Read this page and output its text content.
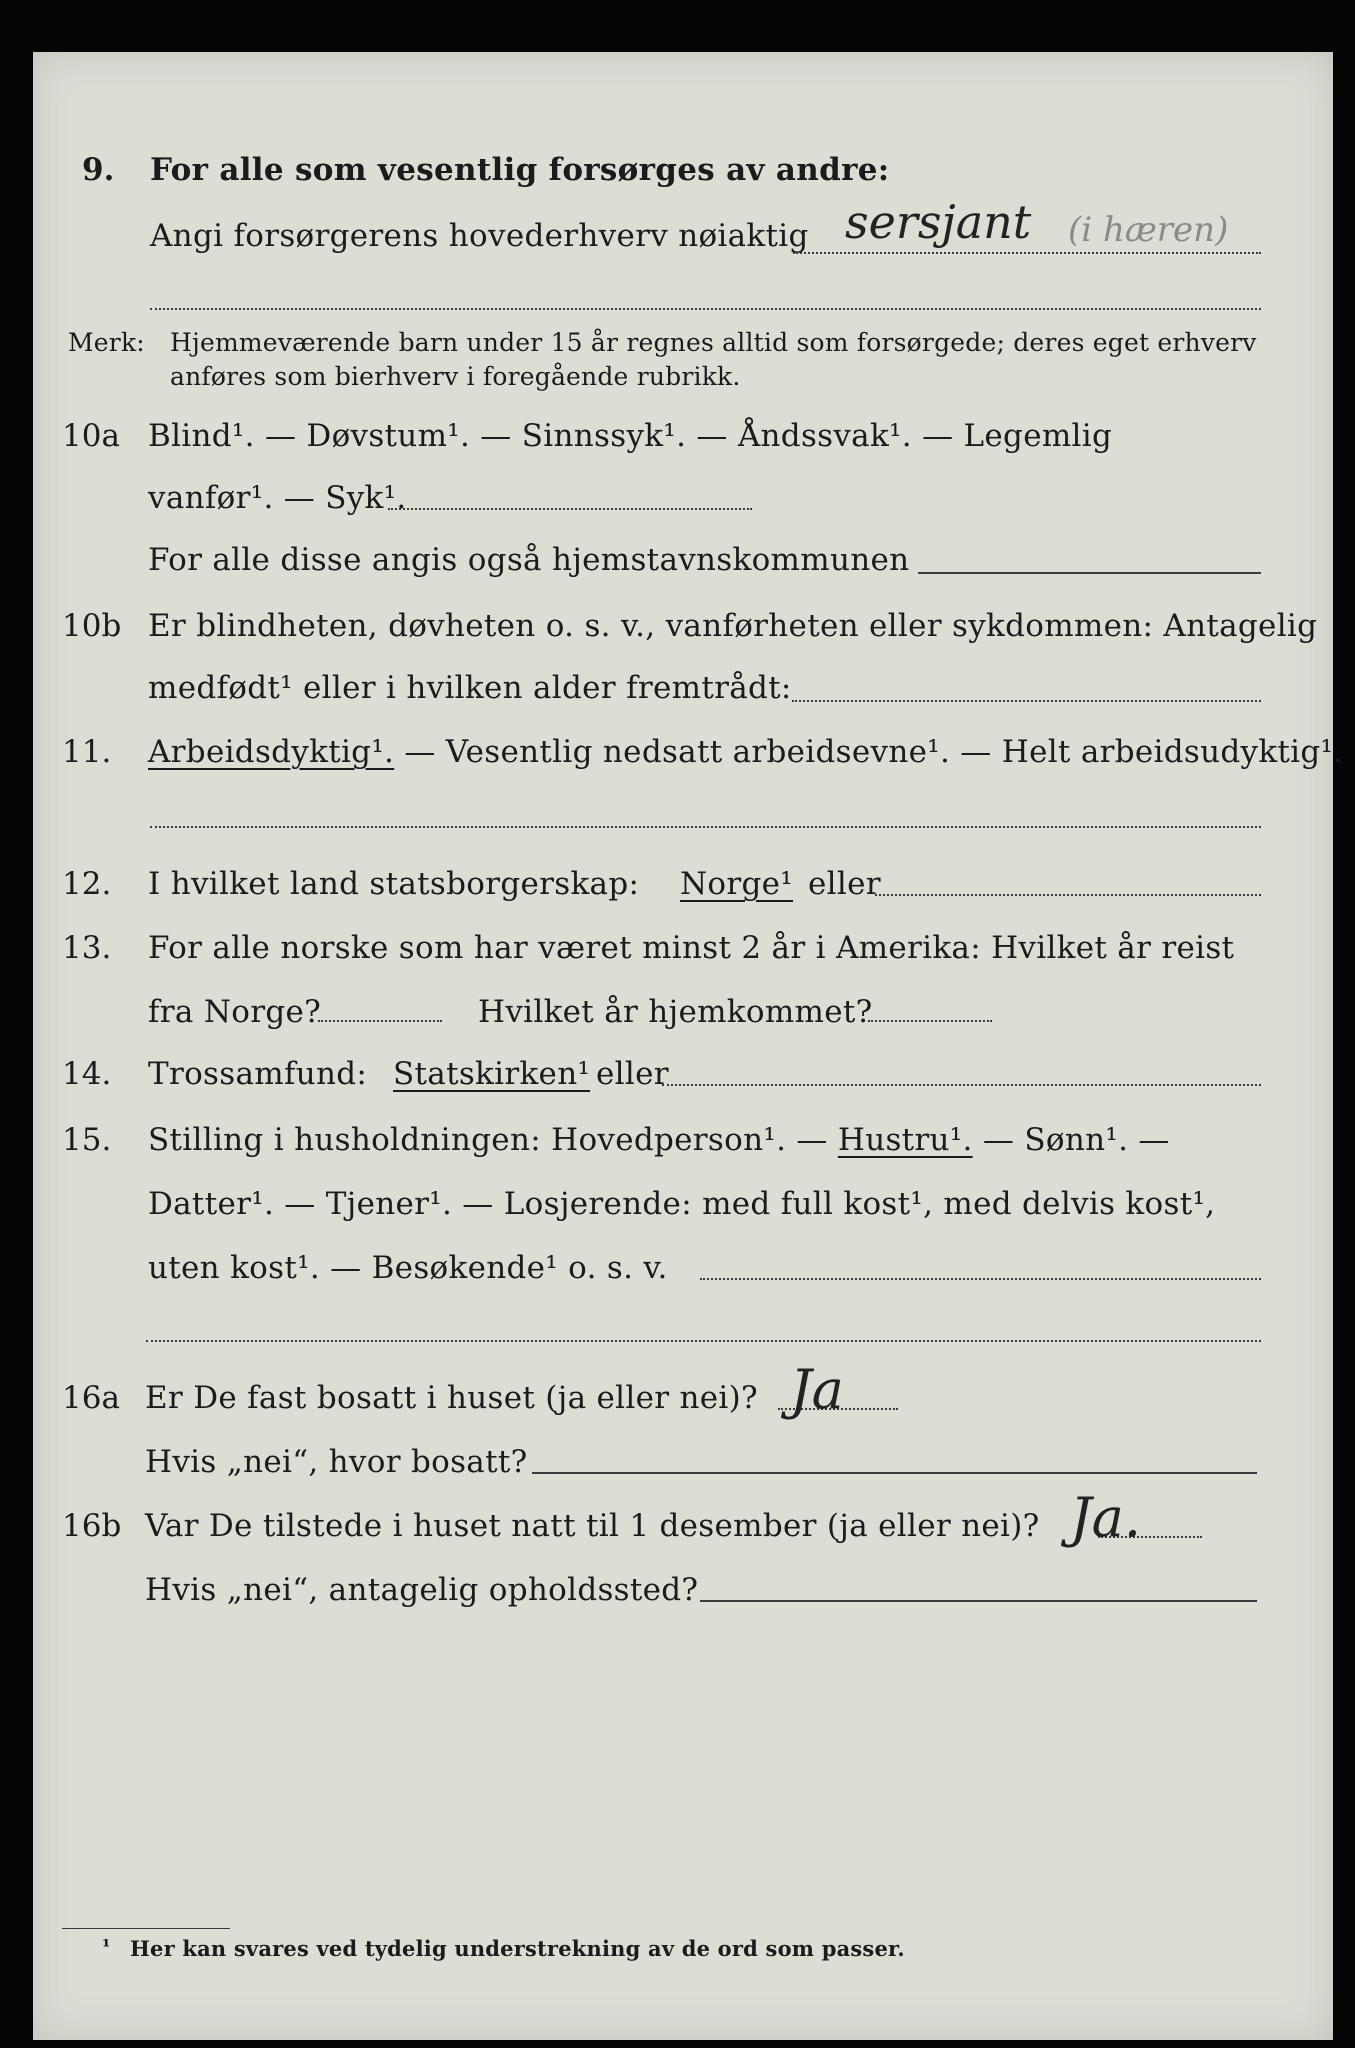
9. For alle som vesentlig forsørges av andre:
Angi forsørgerens hovederhverv nøiaktig sersjant (i hæren)
Merk: Hjemmeværende barn under 15 år regnes alltid som forsørgede; deres eget erhverv
anføres som bierhverv i foregående rubrikk.
10a Blind¹. — Døvstum¹. — Sinnssyk¹. — Åndssvak¹. — Legemlig
vanfør¹. — Syk¹.
For alle disse angis også hjemstavnskommunen
10b Er blindheten, døvheten o. s. v., vanførheten eller sykdommen: Antagelig
medfødt¹ eller i hvilken alder fremtrådt:
11. Arbeidsdyktig¹. — Vesentlig nedsatt arbeidsevne¹. — Helt arbeidsudyktig¹.
12. I hvilket land statsborgerskap: Norge¹ eller
13. For alle norske som har været minst 2 år i Amerika: Hvilket år reist
fra Norge?	Hvilket år hjemkommet?
14. Trossamfund: Statskirken¹ eller
15. Stilling i husholdningen: Hovedperson¹. — Hustru¹. — Sønn¹. —
Datter¹. — Tjener¹. — Losjerende: med full kost¹, med delvis kost¹,
uten kost¹. — Besøkende¹ o. s. v.
16a Er De fast bosatt i huset (ja eller nei)? Ja
Hvis „nei“, hvor bosatt?
16b Var De tilstede i huset natt til 1 desember (ja eller nei)? Ja.
Hvis „nei“, antagelig opholdssted?
¹ Her kan svares ved tydelig understrekning av de ord som passer.
